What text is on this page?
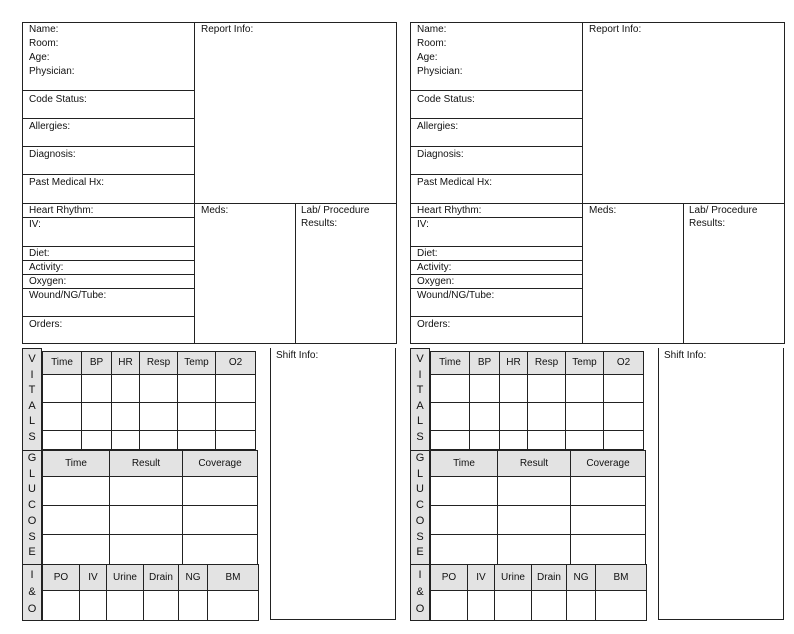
Name:
Room:
Age:
Physician:
Code Status:
Allergies:
Diagnosis:
Past Medical Hx:
Report Info:
Heart Rhythm:
IV:
Diet:
Activity:
Oxygen:
Wound/NG/Tube:
Orders:
Meds:	Lab/ Procedure
Results:
V
I
T
A
L
S
G
L
U
C
O
S
E
I
&
O
Time	BP	HR	Resp	Temp	O2

Time	Result	Coverage

PO	IV	Urine	Drain	NG	BM

Shift Info:
Name:
Room:
Age:
Physician:
Code Status:
Allergies:
Diagnosis:
Past Medical Hx:
Report Info:
Heart Rhythm:
IV:
Diet:
Activity:
Oxygen:
Wound/NG/Tube:
Orders:
Meds:	Lab/ Procedure
Results:
V
I
T
A
L
S
G
L
U
C
O
S
E
I
&
O
Time	BP	HR	Resp	Temp	O2

Time	Result	Coverage

PO	IV	Urine	Drain	NG	BM

Shift Info:
